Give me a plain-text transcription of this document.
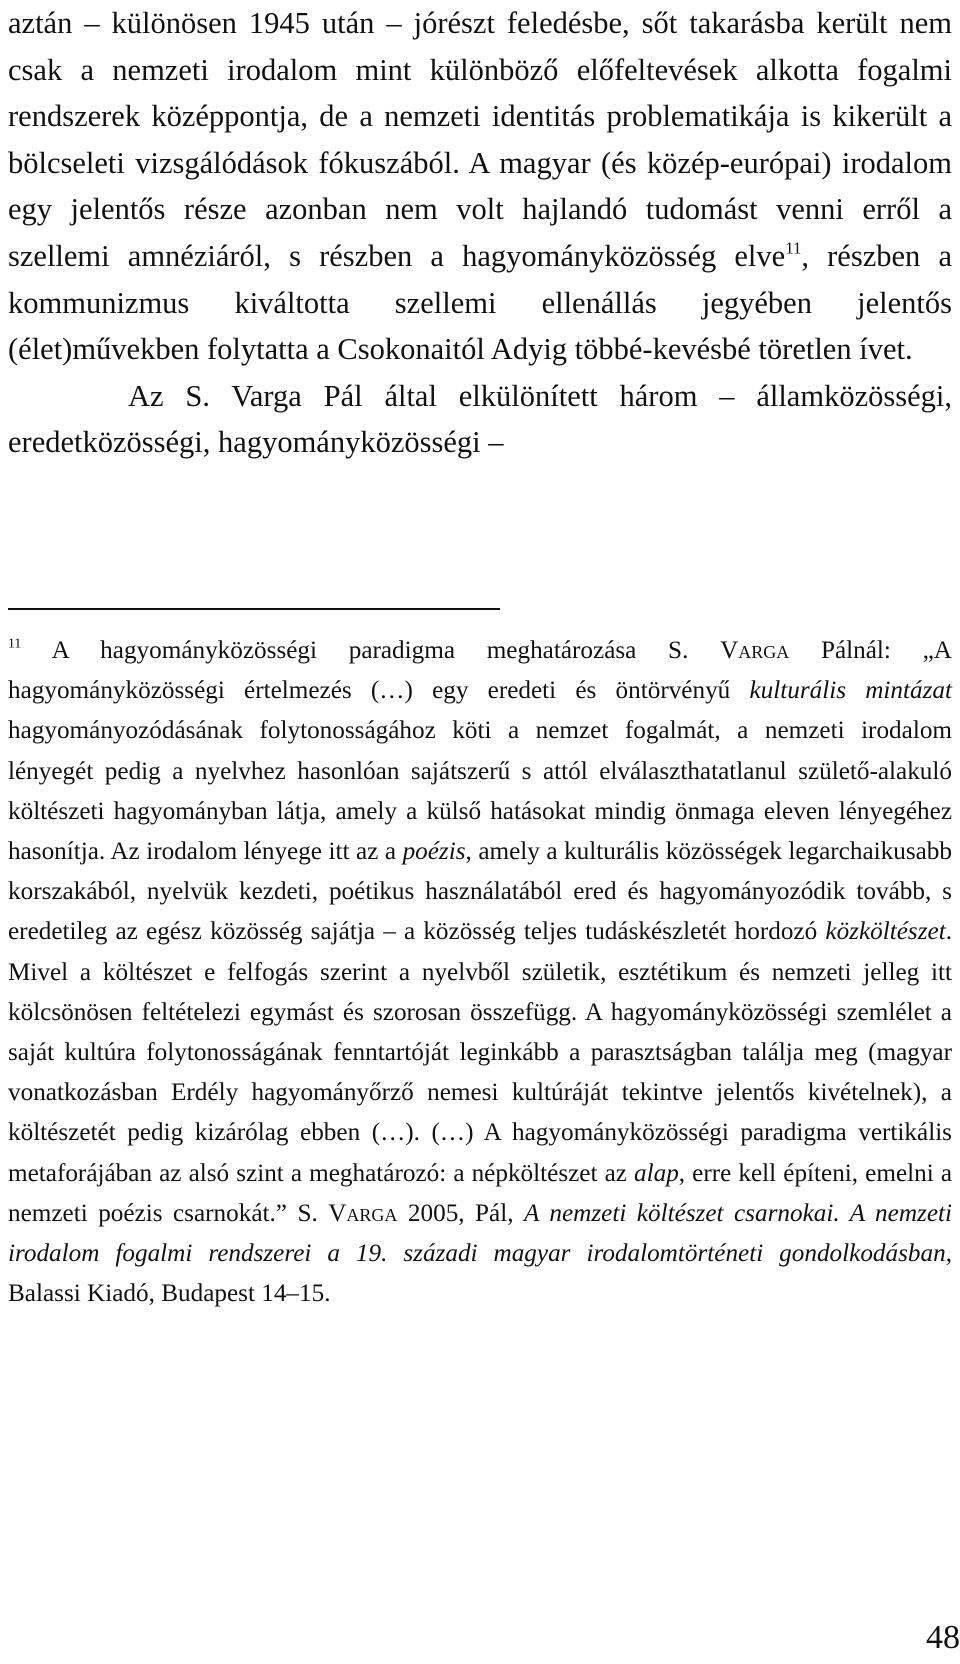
aztán – különösen 1945 után – jórészt feledésbe, sőt takarásba került nem csak a nemzeti irodalom mint különböző előfeltevések alkotta fogalmi rendszerek középpontja, de a nemzeti identitás problematikája is kikerült a bölcseleti vizsgálódások fókuszából. A magyar (és közép-európai) irodalom egy jelentős része azonban nem volt hajlandó tudomást venni erről a szellemi amnéziáról, s részben a hagyományközösség elve$^{11}$, részben a kommunizmus kiváltotta szellemi ellenállás jegyében jelentős (élet)művekben folytatta a Csokonaitól Adyig többé-kevésbé töretlen ívet.

Az S. Varga Pál által elkülönített három – államközösségi, eredetközösségi, hagyományközösségi –

$^{11}$ A hagyományközösségi paradigma meghatározása S. Varga Pálnál: „A hagyományközösségi értelmezés (…) egy eredeti és öntörvényű kulturális mintázat hagyományozódásának folytonosságához köti a nemzet fogalmát, a nemzeti irodalom lényegét pedig a nyelvhez hasonlóan sajátszerű s attól elválaszthatatlanul születő-alakuló költészeti hagyományban látja, amely a külső hatásokat mindig önmaga eleven lényegéhez hasonítja. Az irodalom lényege itt az a poézis, amely a kulturális közösségek legarchaikusabb korszakából, nyelvük kezdeti, poétikus használatából ered és hagyományozódik tovább, s eredetileg az egész közösség sajátja – a közösség teljes tudáskészletét hordozó közköltészet. Mivel a költészet e felfogás szerint a nyelvből születik, esztétikum és nemzeti jelleg itt kölcsönösen feltételezi egymást és szorosan összefügg. A hagyományközösségi szemlélet a saját kultúra folytonosságának fenntartóját leginkább a parasztságban találja meg (magyar vonatkozásban Erdély hagyományőrző nemesi kultúráját tekintve jelentős kivételnek), a költészetét pedig kizárólag ebben (…). (…) A hagyományközösségi paradigma vertikális metaforájában az alsó szint a meghatározó: a népköltészet az alap, erre kell építeni, emelni a nemzeti poézis csarnokát.” S. Varga 2005, Pál, A nemzeti költészet csarnokai. A nemzeti irodalom fogalmi rendszerei a 19. századi magyar irodalomtörténeti gondolkodásban, Balassi Kiadó, Budapest 14–15.
48
